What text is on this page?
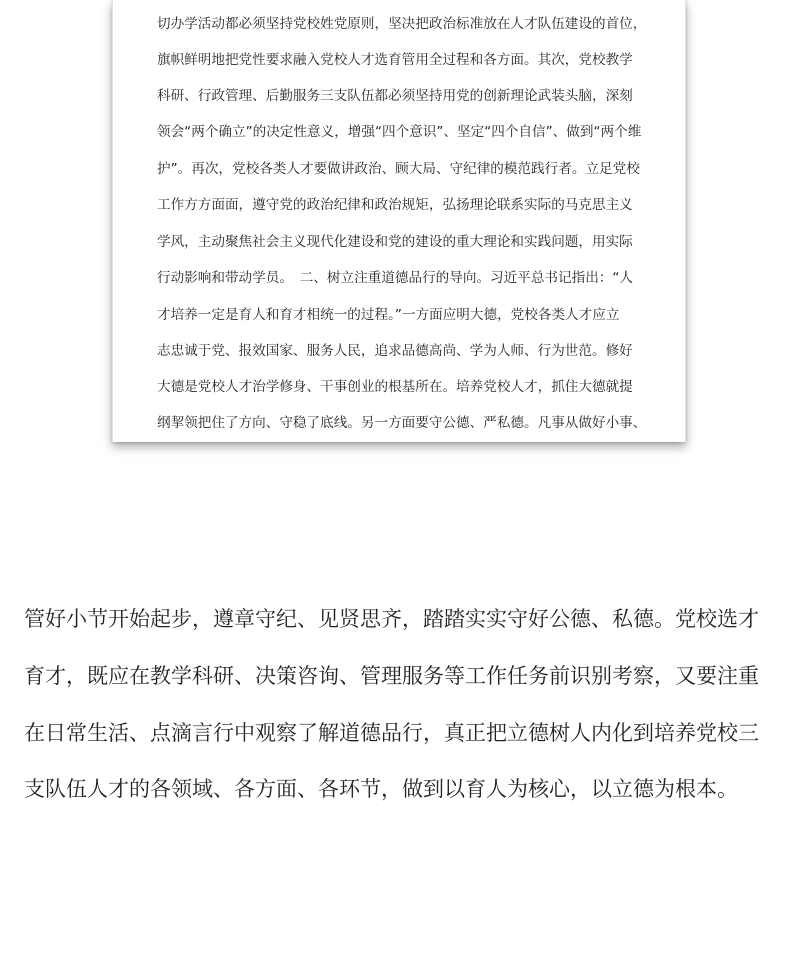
切办学活动都必须坚持党校姓党原则，坚决把政治标准放在人才队伍建设的首位，

旗帜鲜明地把党性要求融入党校人才选育管用全过程和各方面。其次，党校教学

科研、行政管理、后勤服务三支队伍都必须坚持用党的创新理论武装头脑，深刻

领会“两个确立”的决定性意义，增强“四个意识”、坚定“四个自信”、做到“两个维

护”。再次，党校各类人才要做讲政治、顾大局、守纪律的模范践行者。立足党校

工作方方面面，遵守党的政治纪律和政治规矩，弘扬理论联系实际的马克思主义

学风，主动聚焦社会主义现代化建设和党的建设的重大理论和实践问题，用实际

行动影响和带动学员。　二、树立注重道德品行的导向。习近平总书记指出：“人

才培养一定是育人和育才相统一的过程。”一方面应明大德，党校各类人才应立

志忠诚于党、报效国家、服务人民，追求品德高尚、学为人师、行为世范。修好

大德是党校人才治学修身、干事创业的根基所在。培养党校人才，抓住大德就提

纲挈领把住了方向、守稳了底线。另一方面要守公德、严私德。凡事从做好小事、

管好小节开始起步，遵章守纪、见贤思齐，踏踏实实守好公德、私德。党校选才

育才，既应在教学科研、决策咨询、管理服务等工作任务前识别考察，又要注重

在日常生活、点滴言行中观察了解道德品行，真正把立德树人内化到培养党校三

支队伍人才的各领域、各方面、各环节，做到以育人为核心，以立德为根本。
